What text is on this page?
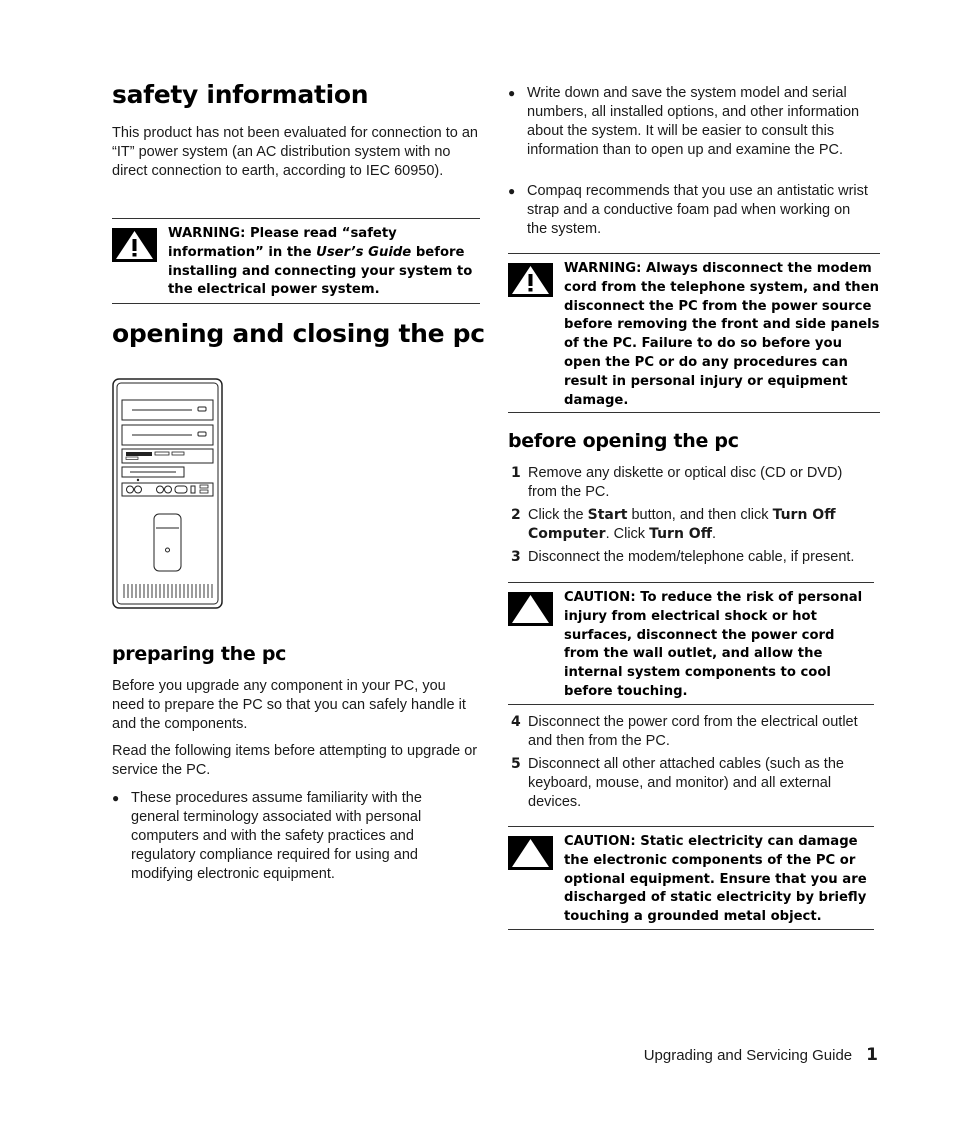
safety information

This product has not been evaluated for connection to an “IT” power system (an AC distribution system with no direct connection to earth, according to IEC 60950).

WARNING: Please read “safety information” in the User’s Guide before installing and connecting your system to the electrical power system.
opening and closing the pc
preparing the pc

Before you upgrade any component in your PC, you need to prepare the PC so that you can safely handle it and the components.

Read the following items before attempting to upgrade or service the PC.

● These procedures assume familiarity with the general terminology associated with personal computers and with the safety practices and regulatory compliance required for using and modifying electronic equipment.
● Write down and save the system model and serial numbers, all installed options, and other information about the system. It will be easier to consult this information than to open up and examine the PC.
● Compaq recommends that you use an antistatic wrist strap and a conductive foam pad when working on the system.
WARNING: Always disconnect the modem cord from the telephone system, and then disconnect the PC from the power source before removing the front and side panels of the PC. Failure to do so before you open the PC or do any procedures can result in personal injury or equipment damage.
before opening the pc
1 Remove any diskette or optical disc (CD or DVD) from the PC.
2 Click the Start button, and then click Turn Off Computer. Click Turn Off.
3 Disconnect the modem/telephone cable, if present.
CAUTION: To reduce the risk of personal injury from electrical shock or hot surfaces, disconnect the power cord from the wall outlet, and allow the internal system components to cool before touching.
4 Disconnect the power cord from the electrical outlet and then from the PC.
5 Disconnect all other attached cables (such as the keyboard, mouse, and monitor) and all external devices.
CAUTION: Static electricity can damage the electronic components of the PC or optional equipment. Ensure that you are discharged of static electricity by briefly touching a grounded metal object.
Upgrading and Servicing Guide 1
